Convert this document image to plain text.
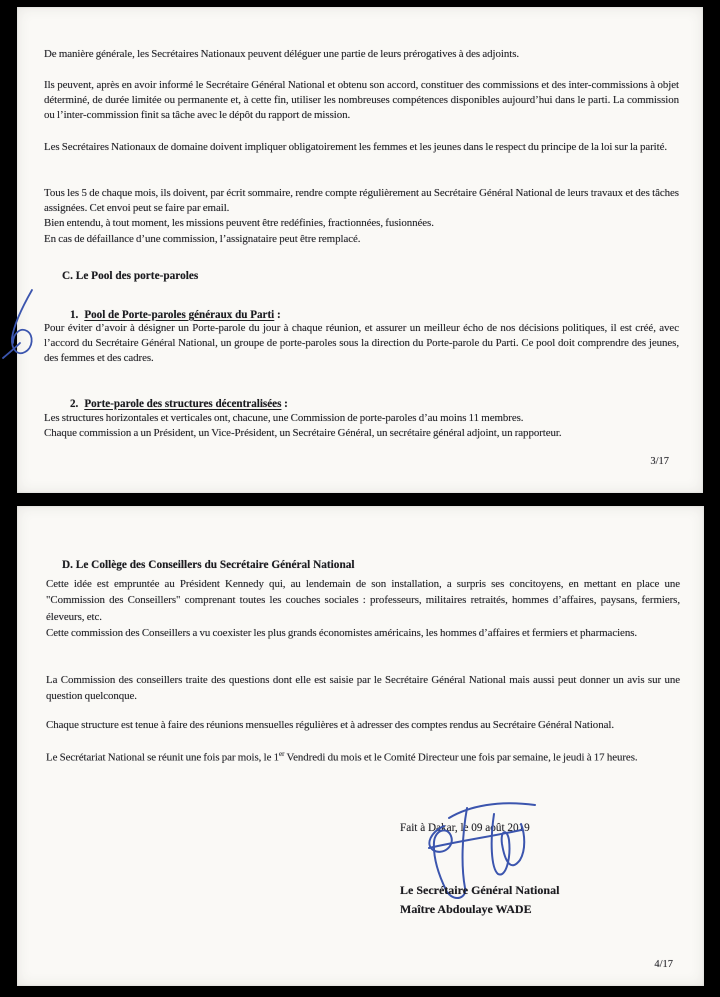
De manière générale, les Secrétaires Nationaux peuvent déléguer une partie de leurs prérogatives à des adjoints.

Ils peuvent, après en avoir informé le Secrétaire Général National et obtenu son accord, constituer des commissions et des inter-commissions à objet déterminé, de durée limitée ou permanente et, à cette fin, utiliser les nombreuses compétences disponibles aujourd’hui dans le parti. La commission ou l’inter-commission finit sa tâche avec le dépôt du rapport de mission.

Les Secrétaires Nationaux de domaine doivent impliquer obligatoirement les femmes et les jeunes dans le respect du principe de la loi sur la parité.

Tous les 5 de chaque mois, ils doivent, par écrit sommaire, rendre compte régulièrement au Secrétaire Général National de leurs travaux et des tâches assignées. Cet envoi peut se faire par email.

Bien entendu, à tout moment, les missions peuvent être redéfinies, fractionnées, fusionnées.

En cas de défaillance d’une commission, l’assignataire peut être remplacé.

C. Le Pool des porte-paroles
1. Pool de Porte-paroles généraux du Parti :

Pour éviter d’avoir à désigner un Porte-parole du jour à chaque réunion, et assurer un meilleur écho de nos décisions politiques, il est créé, avec l’accord du Secrétaire Général National, un groupe de porte-paroles sous la direction du Porte-parole du Parti. Ce pool doit comprendre des jeunes, des femmes et des cadres.

2. Porte-parole des structures décentralisées :

Les structures horizontales et verticales ont, chacune, une Commission de porte-paroles d’au moins 11 membres.

Chaque commission a un Président, un Vice-Président, un Secrétaire Général, un secrétaire général adjoint, un rapporteur.

3/17
D. Le Collège des Conseillers du Secrétaire Général National

Cette idée est empruntée au Président Kennedy qui, au lendemain de son installation, a surpris ses concitoyens, en mettant en place une "Commission des Conseillers" comprenant toutes les couches sociales : professeurs, militaires retraités, hommes d’affaires, paysans, fermiers, éleveurs, etc.

Cette commission des Conseillers a vu coexister les plus grands économistes américains, les hommes d’affaires et fermiers et pharmaciens.

La Commission des conseillers traite des questions dont elle est saisie par le Secrétaire Général National mais aussi peut donner un avis sur une question quelconque.

Chaque structure est tenue à faire des réunions mensuelles régulières et à adresser des comptes rendus au Secrétaire Général National.

Le Secrétariat National se réunit une fois par mois, le 1er Vendredi du mois et le Comité Directeur une fois par semaine, le jeudi à 17 heures.

Fait à Dakar, le 09 août 2019
Le Secrétaire Général National
Maître Abdoulaye WADE
4/17
